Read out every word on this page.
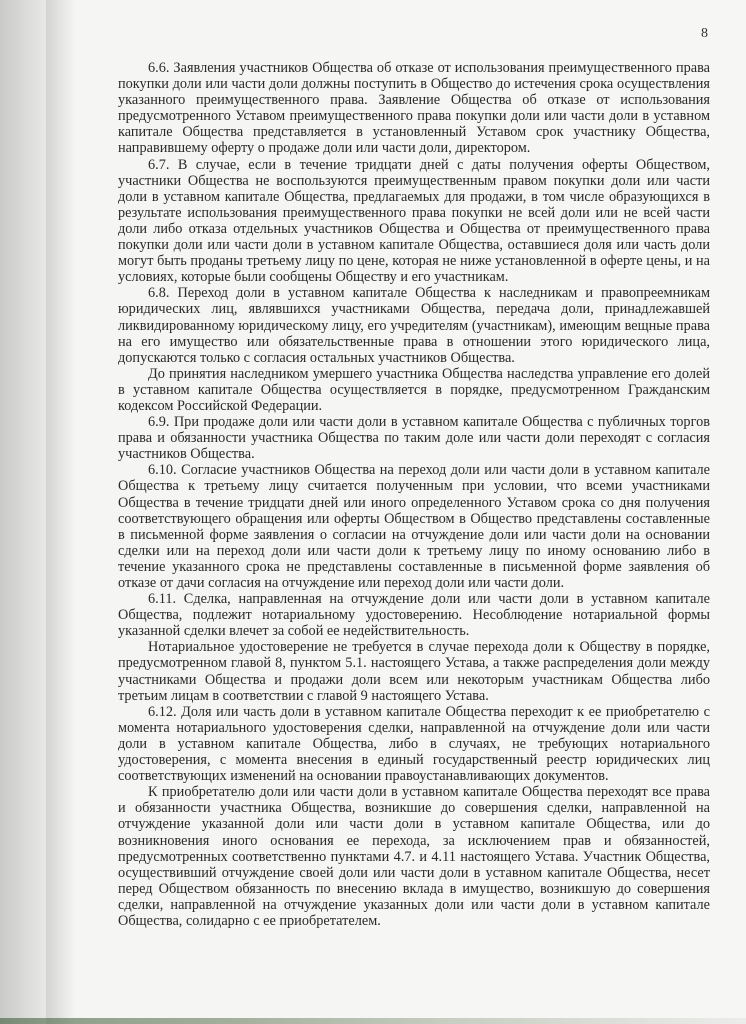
8

6.6. Заявления участников Общества об отказе от использования преимущественного права покупки доли или части доли должны поступить в Общество до истечения срока осуществления указанного преимущественного права. Заявление Общества об отказе от использования предусмотренного Уставом преимущественного права покупки доли или части доли в уставном капитале Общества представляется в установленный Уставом срок участнику Общества, направившему оферту о продаже доли или части доли, директором.

6.7. В случае, если в течение тридцати дней с даты получения оферты Обществом, участники Общества не воспользуются преимущественным правом покупки доли или части доли в уставном капитале Общества, предлагаемых для продажи, в том числе образующихся в результате использования преимущественного права покупки не всей доли или не всей части доли либо отказа отдельных участников Общества и Общества от преимущественного права покупки доли или части доли в уставном капитале Общества, оставшиеся доля или часть доли могут быть проданы третьему лицу по цене, которая не ниже установленной в оферте цены, и на условиях, которые были сообщены Обществу и его участникам.

6.8. Переход доли в уставном капитале Общества к наследникам и правопреемникам юридических лиц, являвшихся участниками Общества, передача доли, принадлежавшей ликвидированному юридическому лицу, его учредителям (участникам), имеющим вещные права на его имущество или обязательственные права в отношении этого юридического лица, допускаются только с согласия остальных участников Общества.

До принятия наследником умершего участника Общества наследства управление его долей в уставном капитале Общества осуществляется в порядке, предусмотренном Гражданским кодексом Российской Федерации.

6.9. При продаже доли или части доли в уставном капитале Общества с публичных торгов права и обязанности участника Общества по таким доле или части доли переходят с согласия участников Общества.

6.10. Согласие участников Общества на переход доли или части доли в уставном капитале Общества к третьему лицу считается полученным при условии, что всеми участниками Общества в течение тридцати дней или иного определенного Уставом срока со дня получения соответствующего обращения или оферты Обществом в Общество представлены составленные в письменной форме заявления о согласии на отчуждение доли или части доли на основании сделки или на переход доли или части доли к третьему лицу по иному основанию либо в течение указанного срока не представлены составленные в письменной форме заявления об отказе от дачи согласия на отчуждение или переход доли или части доли.

6.11. Сделка, направленная на отчуждение доли или части доли в уставном капитале Общества, подлежит нотариальному удостоверению. Несоблюдение нотариальной формы указанной сделки влечет за собой ее недействительность.

Нотариальное удостоверение не требуется в случае перехода доли к Обществу в порядке, предусмотренном главой 8, пунктом 5.1. настоящего Устава, а также распределения доли между участниками Общества и продажи доли всем или некоторым участникам Общества либо третьим лицам в соответствии с главой 9 настоящего Устава.

6.12. Доля или часть доли в уставном капитале Общества переходит к ее приобретателю с момента нотариального удостоверения сделки, направленной на отчуждение доли или части доли в уставном капитале Общества, либо в случаях, не требующих нотариального удостоверения, с момента внесения в единый государственный реестр юридических лиц соответствующих изменений на основании правоустанавливающих документов.

К приобретателю доли или части доли в уставном капитале Общества переходят все права и обязанности участника Общества, возникшие до совершения сделки, направленной на отчуждение указанной доли или части доли в уставном капитале Общества, или до возникновения иного основания ее перехода, за исключением прав и обязанностей, предусмотренных соответственно пунктами 4.7. и 4.11 настоящего Устава. Участник Общества, осуществивший отчуждение своей доли или части доли в уставном капитале Общества, несет перед Обществом обязанность по внесению вклада в имущество, возникшую до совершения сделки, направленной на отчуждение указанных доли или части доли в уставном капитале Общества, солидарно с ее приобретателем.
